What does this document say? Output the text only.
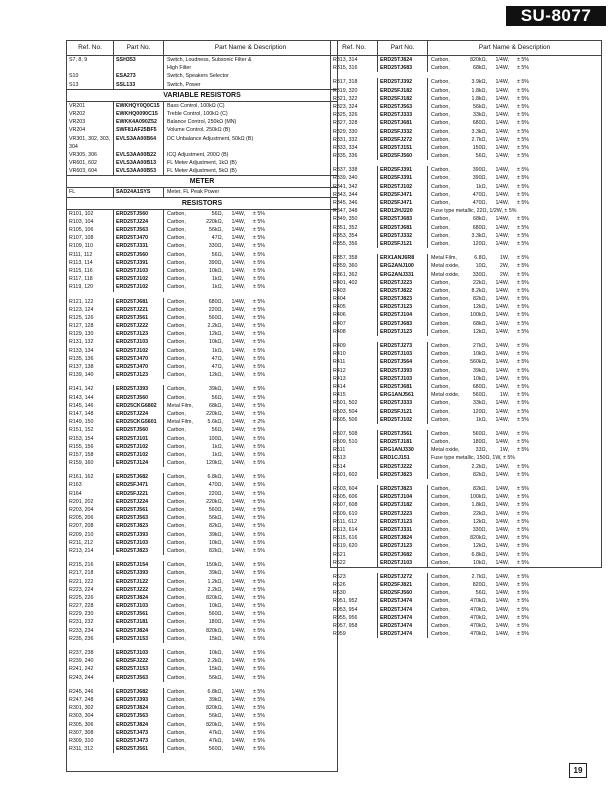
SU-8077
Ref. No.	Part No.	Part Name & Description
S7, 8, 9	SSH353	Switch, Loudness, Subsonic Filter &
High Filter
S10	ESA273	Switch, Speakers Selector
S13	SSL133	Switch, Power
VARIABLE RESISTORS
VR201	EWKHQY0Q0C15	Bass Control, 100kΩ (C)
VR202	EWKHQ0090C15	Treble Control, 100kΩ (C)
VR203	EWKK4A090Z52	Balance Control, 250kΩ (MN)
VR204	SWF81AF25BF5	Volume Control, 250kΩ (B)
VR301, 302, 303,	EVLS3AA00B64	DC Unbalance Adjustment, 50kΩ (B)
304
VR305, 306	EVLS3AA00B22	ICQ Adjustment, 200Ω (B)
VR601, 602	EVLS3AA00B13	FL Meter Adjustment, 1kΩ (B)
VR603, 604	EVLS3AA00B53	FL Meter Adjustment, 5kΩ (B)
METER
FL	SAD24A1SYS	Meter, FL Peak Power
RESISTORS
R101, 102	ERD25TJ560	Carbon,	56Ω,	1/4W,	± 5%
R103, 104	ERD25TJ224	Carbon,	220kΩ,	1/4W,	± 5%
R105, 106	ERD25TJ563	Carbon,	56kΩ,	1/4W,	± 5%
R107, 108	ERD25TJ470	Carbon,	47Ω,	1/4W,	± 5%
R109, 110	ERD25TJ331	Carbon,	330Ω,	1/4W,	± 5%
R111, 112	ERD25TJ560	Carbon,	56Ω,	1/4W,	± 5%
R113, 114	ERD25TJ391	Carbon,	390Ω,	1/4W,	± 5%
R115, 116	ERD25TJ103	Carbon,	10kΩ,	1/4W,	± 5%
R117, 118	ERD25TJ102	Carbon,	1kΩ,	1/4W,	± 5%
R119, 120	ERD25TJ102	Carbon,	1kΩ,	1/4W,	± 5%
R121, 122	ERD25TJ681	Carbon,	680Ω,	1/4W,	± 5%
R123, 124	ERD25TJ221	Carbon,	220Ω,	1/4W,	± 5%
R125, 126	ERD25TJ561	Carbon,	560Ω,	1/4W,	± 5%
R127, 128	ERD25TJ222	Carbon,	2.2kΩ,	1/4W,	± 5%
R129, 130	ERD25TJ123	Carbon,	12kΩ,	1/4W,	± 5%
R131, 132	ERD25TJ103	Carbon,	10kΩ,	1/4W,	± 5%
R133, 134	ERD25TJ102	Carbon,	1kΩ,	1/4W,	± 5%
R135, 136	ERD25TJ470	Carbon,	47Ω,	1/4W,	± 5%
R137, 138	ERD25TJ470	Carbon,	47Ω,	1/4W,	± 5%
R139, 140	ERD25TJ123	Carbon,	12kΩ,	1/4W,	± 5%
R141, 142	ERD25TJ393	Carbon,	39kΩ,	1/4W,	± 5%
R143, 144	ERD25TJ560	Carbon,	56Ω,	1/4W,	± 5%
R145, 146	ERD25CKG6802	Metal Film,	68kΩ,	1/4W,	± 5%
R147, 148	ERD25TJ224	Carbon,	220kΩ,	1/4W,	± 5%
R149, 150	ERD25CKG5601	Metal Film,	5.6kΩ,	1/4W,	± 2%
R151, 152	ERD25TJ560	Carbon,	56Ω,	1/4W,	± 5%
R153, 154	ERD25TJ101	Carbon,	100Ω,	1/4W,	± 5%
R155, 156	ERD25TJ102	Carbon,	1kΩ,	1/4W,	± 5%
R157, 158	ERD25TJ102	Carbon,	1kΩ,	1/4W,	± 5%
R159, 160	ERD25TJ124	Carbon,	120kΩ,	1/4W,	± 5%
R161, 162	ERD25TJ682	Carbon,	6.8kΩ,	1/4W,	± 5%
R163	ERD25FJ471	Carbon,	470Ω,	1/4W,	± 5%
R164	ERD25FJ221	Carbon,	220Ω,	1/4W,	± 5%
R201, 202	ERD25TJ224	Carbon,	220kΩ,	1/4W,	± 5%
R203, 204	ERD25TJ561	Carbon,	560Ω,	1/4W,	± 5%
R205, 206	ERD25TJ563	Carbon,	56kΩ,	1/4W,	± 5%
R207, 208	ERD25TJ823	Carbon,	82kΩ,	1/4W,	± 5%
R209, 210	ERD25TJ393	Carbon,	39kΩ,	1/4W,	± 5%
R211, 212	ERD25TJ103	Carbon,	10kΩ,	1/4W,	± 5%
R213, 214	ERD25TJ823	Carbon,	82kΩ,	1/4W,	± 5%
R215, 216	ERD25TJ154	Carbon,	150kΩ,	1/4W,	± 5%
R217, 218	ERD25TJ393	Carbon,	39kΩ,	1/4W,	± 5%
R221, 222	ERD25TJ122	Carbon,	1.2kΩ,	1/4W,	± 5%
R223, 224	ERD25TJ222	Carbon,	2.2kΩ,	1/4W,	± 5%
R225, 226	ERD25TJ824	Carbon,	820kΩ,	1/4W,	± 5%
R227, 228	ERD25TJ103	Carbon,	10kΩ,	1/4W,	± 5%
R229, 230	ERD25TJ561	Carbon,	560Ω,	1/4W,	± 5%
R231, 232	ERD25TJ181	Carbon,	180Ω,	1/4W,	± 5%
R233, 234	ERD25TJ824	Carbon,	820kΩ,	1/4W,	± 5%
R235, 236	ERD25TJ153	Carbon,	15kΩ,	1/4W,	± 5%
R237, 238	ERD25TJ103	Carbon,	10kΩ,	1/4W,	± 5%
R239, 240	ERD25FJ222	Carbon,	2.2kΩ,	1/4W,	± 5%
R241, 242	ERD25TJ153	Carbon,	15kΩ,	1/4W,	± 5%
R243, 244	ERD25TJ563	Carbon,	56kΩ,	1/4W,	± 5%
R245, 246	ERD25TJ682	Carbon,	6.8kΩ,	1/4W,	± 5%
R247, 248	ERD25TJ393	Carbon,	39kΩ,	1/4W,	± 5%
R301, 302	ERD25TJ824	Carbon,	820kΩ,	1/4W,	± 5%
R303, 304	ERD25TJ563	Carbon,	56kΩ,	1/4W,	± 5%
R305, 306	ERD25TJ824	Carbon,	820kΩ,	1/4W,	± 5%
R307, 308	ERD25TJ473	Carbon,	47kΩ,	1/4W,	± 5%
R309, 310	ERD25TJ473	Carbon,	47kΩ,	1/4W,	± 5%
R311, 312	ERD25TJ561	Carbon,	560Ω,	1/4W,	± 5%
Ref. No.	Part No.	Part Name & Description
R313, 314	ERD25TJ824	Carbon,	820kΩ,	1/4W,	± 5%
R315, 316	ERD25TJ683	Carbon,	68kΩ,	1/4W,	± 5%
R317, 318	ERD25TJ392	Carbon,	3.9kΩ,	1/4W,	± 5%
R319, 320	ERD25FJ182	Carbon,	1.8kΩ,	1/4W,	± 5%
R321, 322	ERD25FJ182	Carbon,	1.8kΩ,	1/4W,	± 5%
R323, 324	ERD25TJ563	Carbon,	56kΩ,	1/4W,	± 5%
R325, 326	ERD25TJ333	Carbon,	33kΩ,	1/4W,	± 5%
R327, 328	ERD25TJ681	Carbon,	680Ω,	1/4W,	± 5%
R329, 330	ERD25FJ332	Carbon,	3.3kΩ,	1/4W,	± 5%
R331, 332	ERD25FJ272	Carbon,	2.7kΩ,	1/4W,	± 5%
R333, 334	ERD25TJ151	Carbon,	150Ω,	1/4W,	± 5%
R335, 336	ERD25FJ560	Carbon,	56Ω,	1/4W,	± 5%
R337, 338	ERD25FJ391	Carbon,	390Ω,	1/4W,	± 5%
R339, 340	ERD25FJ391	Carbon,	390Ω,	1/4W,	± 5%
R341, 342	ERD25TJ102	Carbon,	1kΩ,	1/4W,	± 5%
R343, 344	ERD25FJ471	Carbon,	470Ω,	1/4W,	± 5%
R345, 346	ERD25FJ471	Carbon,	470Ω,	1/4W,	± 5%
R347, 348	ERD12HJ220	Fuse type metallic, 22Ω, 1/2W, ± 5%
R349, 350	ERD25TJ683	Carbon,	68kΩ,	1/4W,	± 5%
R351, 352	ERD25TJ681	Carbon,	680Ω,	1/4W,	± 5%
R353, 354	ERD25TJ332	Carbon,	3.3kΩ,	1/4W,	± 5%
R355, 356	ERD25FJ121	Carbon,	120Ω,	1/4W,	± 5%
R357, 358	ERX1ANJ6R8	Metal Film,	6.8Ω,	1W,	± 5%
R359, 360	ERG2ANJ100	Metal oxide,	10Ω,	2W,	± 5%
R361, 362	ERG2ANJ331	Metal oxide,	330Ω,	2W,	± 5%
R401, 402	ERD25TJ223	Carbon,	22kΩ,	1/4W,	± 5%
R403	ERD25TJ822	Carbon,	8.2kΩ,	1/4W,	± 5%
R404	ERD25TJ823	Carbon,	82kΩ,	1/4W,	± 5%
R405	ERD25TJ123	Carbon,	12kΩ,	1/4W,	± 5%
R406	ERD25TJ104	Carbon,	100kΩ,	1/4W,	± 5%
R407	ERD25TJ683	Carbon,	68kΩ,	1/4W,	± 5%
R408	ERD25TJ123	Carbon,	12kΩ,	1/4W,	± 5%
R409	ERD25TJ273	Carbon,	27kΩ,	1/4W,	± 5%
R410	ERD25TJ103	Carbon,	10kΩ,	1/4W,	± 5%
R411	ERD25TJ564	Carbon,	560kΩ,	1/4W,	± 5%
R412	ERD25TJ393	Carbon,	39kΩ,	1/4W,	± 5%
R413	ERD25TJ103	Carbon,	10kΩ,	1/4W,	± 5%
R414	ERD25TJ681	Carbon,	680Ω,	1/4W,	± 5%
R415	ERG1ANJ561	Metal oxide,	560Ω,	1W,	± 5%
R501, 502	ERD25TJ333	Carbon,	33kΩ,	1/4W,	± 5%
R503, 504	ERD25FJ121	Carbon,	120Ω,	1/4W,	± 5%
R505, 506	ERD25TJ102	Carbon,	1kΩ,	1/4W,	± 5%
R507, 508	ERD25TJ561	Carbon,	560Ω,	1/4W,	± 5%
R509, 510	ERD25TJ181	Carbon,	180Ω,	1/4W,	± 5%
R511	ERG1ANJ330	Metal oxide,	33Ω,	1W,	± 5%
R513	ERD1CJ151	Fuse type metallic, 150Ω, 1W, ± 5%
R514	ERD25TJ222	Carbon,	2.2kΩ,	1/4W,	± 5%
R601, 602	ERD25TJ823	Carbon,	82kΩ,	1/4W,	± 5%
R603, 604	ERD25TJ823	Carbon,	82kΩ,	1/4W,	± 5%
R605, 606	ERD25TJ104	Carbon,	100kΩ,	1/4W,	± 5%
R607, 608	ERD25TJ182	Carbon,	1.8kΩ,	1/4W,	± 5%
R609, 610	ERD25TJ223	Carbon,	22kΩ,	1/4W,	± 5%
R611, 612	ERD25TJ123	Carbon,	12kΩ,	1/4W,	± 5%
R613, 614	ERD25TJ331	Carbon,	330Ω,	1/4W,	± 5%
R615, 616	ERD25TJ824	Carbon,	820kΩ,	1/4W,	± 5%
R619, 620	ERD25TJ123	Carbon,	12kΩ,	1/4W,	± 5%
R621	ERD25TJ682	Carbon,	6.8kΩ,	1/4W,	± 5%
R622	ERD25TJ103	Carbon,	10kΩ,	1/4W,	± 5%
R623	ERD25TJ272	Carbon,	2.7kΩ,	1/4W,	± 5%
R626	ERD25FJ821	Carbon,	820Ω,	1/4W,	± 5%
R630	ERD25FJ560	Carbon,	56Ω,	1/4W,	± 5%
R951, 952	ERD25TJ474	Carbon,	470kΩ,	1/4W,	± 5%
R953, 954	ERD25TJ474	Carbon,	470kΩ,	1/4W,	± 5%
R955, 956	ERD25TJ474	Carbon,	470kΩ,	1/4W,	± 5%
R957, 958	ERD25TJ474	Carbon,	470kΩ,	1/4W,	± 5%
R959	ERD25TJ474	Carbon,	470kΩ,	1/4W,	± 5%
19
